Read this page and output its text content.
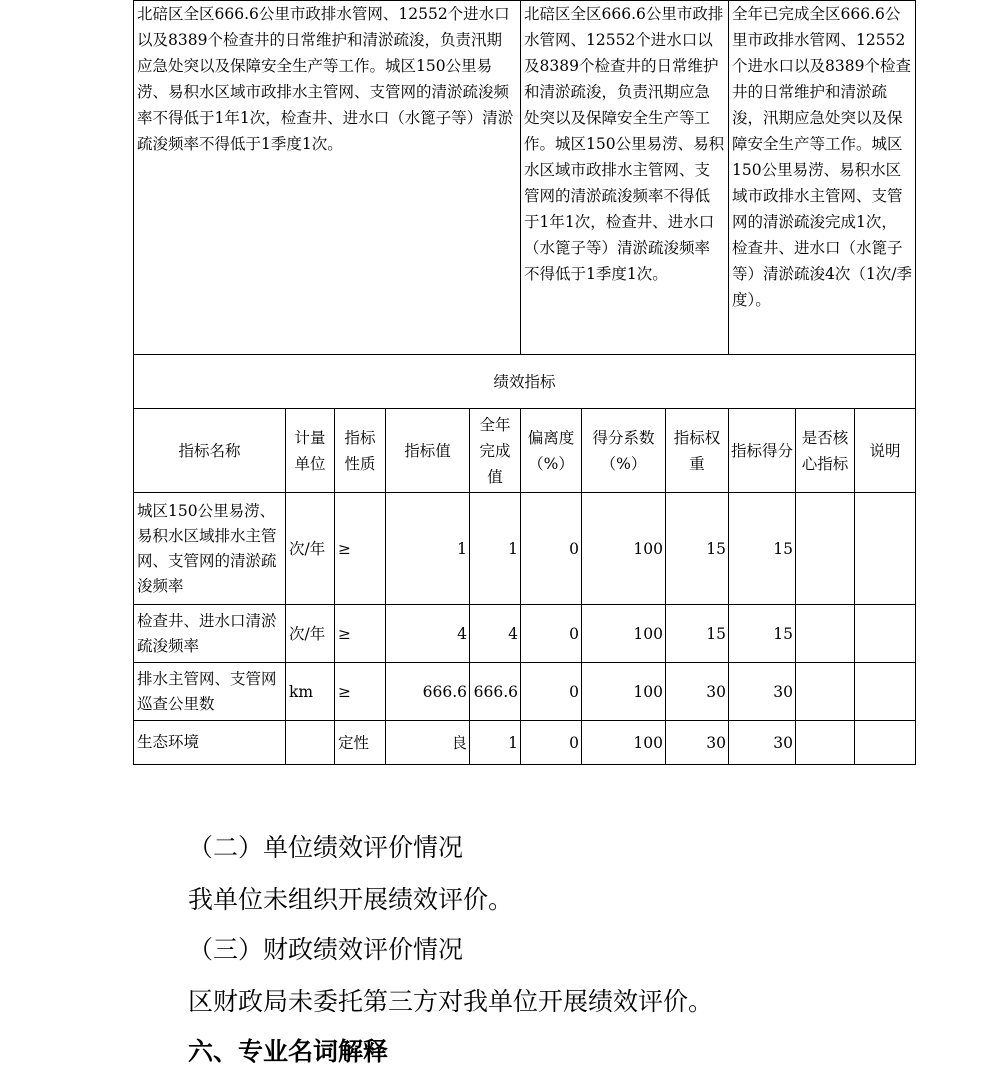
北碚区全区666.6公里市政排水管网、12552个进水口以及8389个检查井的日常维护和清淤疏浚，负责汛期应急处突以及保障安全生产等工作。城区150公里易涝、易积水区域市政排水主管网、支管网的清淤疏浚频率不得低于1年1次，检查井、进水口（水篦子等）清淤疏浚频率不得低于1季度1次。					北碚区全区666.6公里市政排水管网、12552个进水口以及8389个检查井的日常维护和清淤疏浚，负责汛期应急处突以及保障安全生产等工作。城区150公里易涝、易积水区域市政排水主管网、支管网的清淤疏浚频率不得低于1年1次，检查井、进水口（水篦子等）清淤疏浚频率不得低于1季度1次。			全年已完成全区666.6公里市政排水管网、12552个进水口以及8389个检查井的日常维护和清淤疏浚，汛期应急处突以及保障安全生产等工作。城区150公里易涝、易积水区域市政排水主管网、支管网的清淤疏浚完成1次，检查井、进水口（水篦子等）清淤疏浚4次（1次/季度）。		
绩效指标										
指标名称	计量单位	指标性质	指标值	全年完成值	偏离度（%）	得分系数（%）	指标权重	指标得分	是否核心指标	说明
城区150公里易涝、易积水区域排水主管网、支管网的清淤疏浚频率	次/年	≥	1	1	0	100	15	15		
检查井、进水口清淤疏浚频率	次/年	≥	4	4	0	100	15	15		
排水主管网、支管网巡查公里数	km	≥	666.6	666.6	0	100	30	30		
生态环境		定性	良	1	0	100	30	30		
（二）单位绩效评价情况
我单位未组织开展绩效评价。
（三）财政绩效评价情况
区财政局未委托第三方对我单位开展绩效评价。
六、专业名词解释
